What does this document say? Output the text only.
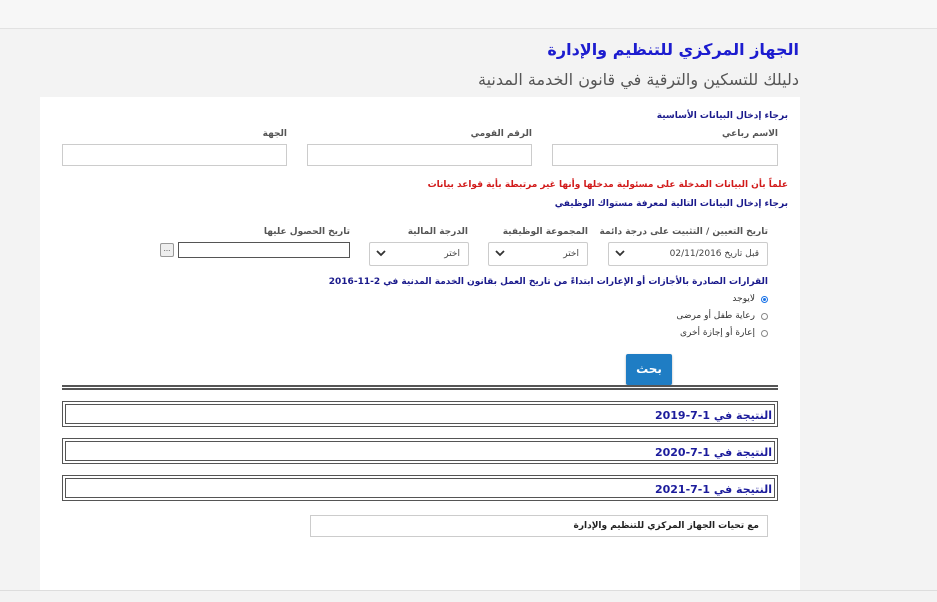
الجهاز المركزي للتنظيم والإدارة
دليلك للتسكين والترقية في قانون الخدمة المدنية
برجاء إدخال البيانات الأساسية
الاسم رباعي
الرقم القومي
الجهة
علماً بأن البيانات المدخلة على مسئولية مدخلها وأنها غير مرتبطة بأية قواعد بيانات
برجاء إدخال البيانات التالية لمعرفة مستواك الوظيفي
تاريخ التعيين / التثبيت على درجة دائمة
المجموعة الوظيفية
الدرجة المالية
تاريخ الحصول عليها
قبل تاريخ 02/11/2016
اختر
اختر
...
القرارات الصادرة بالأجازات أو الإعارات ابتداءً من تاريخ العمل بقانون الخدمة المدنية في 2-11-2016
لايوجد
رعاية طفل أو مرضى
إعارة أو إجازة أخرى
بحث
النتيجة في 1-7-2019
النتيجة في 1-7-2020
النتيجة في 1-7-2021
مع تحيات الجهاز المركزي للتنظيم والإدارة
